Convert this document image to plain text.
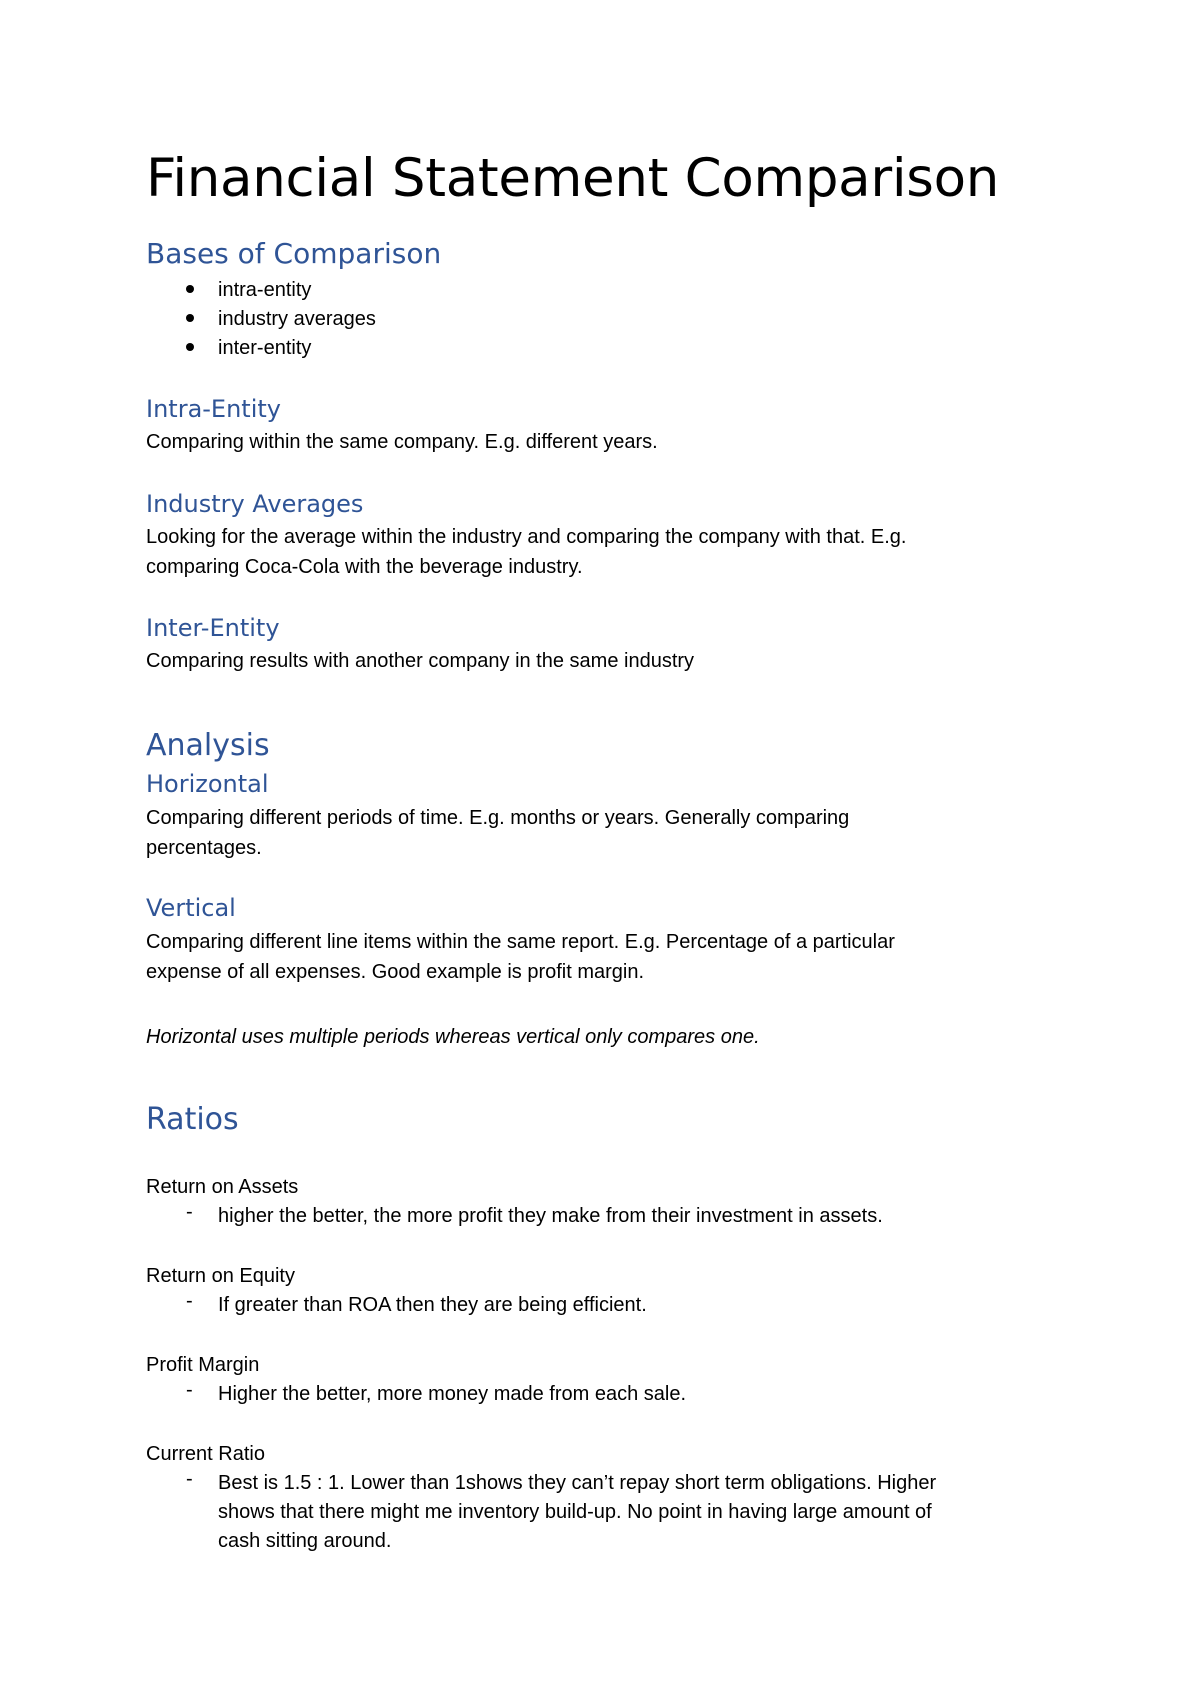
Financial Statement Comparison
Bases of Comparison
intra-entity
industry averages
inter-entity
Intra-Entity
Comparing within the same company. E.g. different years.
Industry Averages
Looking for the average within the industry and comparing the company with that. E.g.
comparing Coca-Cola with the beverage industry.
Inter-Entity
Comparing results with another company in the same industry
Analysis
Horizontal
Comparing different periods of time. E.g. months or years. Generally comparing
percentages.
Vertical
Comparing different line items within the same report. E.g. Percentage of a particular
expense of all expenses. Good example is profit margin.
Horizontal uses multiple periods whereas vertical only compares one.
Ratios
Return on Assets
- higher the better, the more profit they make from their investment in assets.
Return on Equity
- If greater than ROA then they are being efficient.
Profit Margin
- Higher the better, more money made from each sale.
Current Ratio
- Best is 1.5 : 1. Lower than 1shows they can’t repay short term obligations. Higher
shows that there might me inventory build-up. No point in having large amount of
cash sitting around.
